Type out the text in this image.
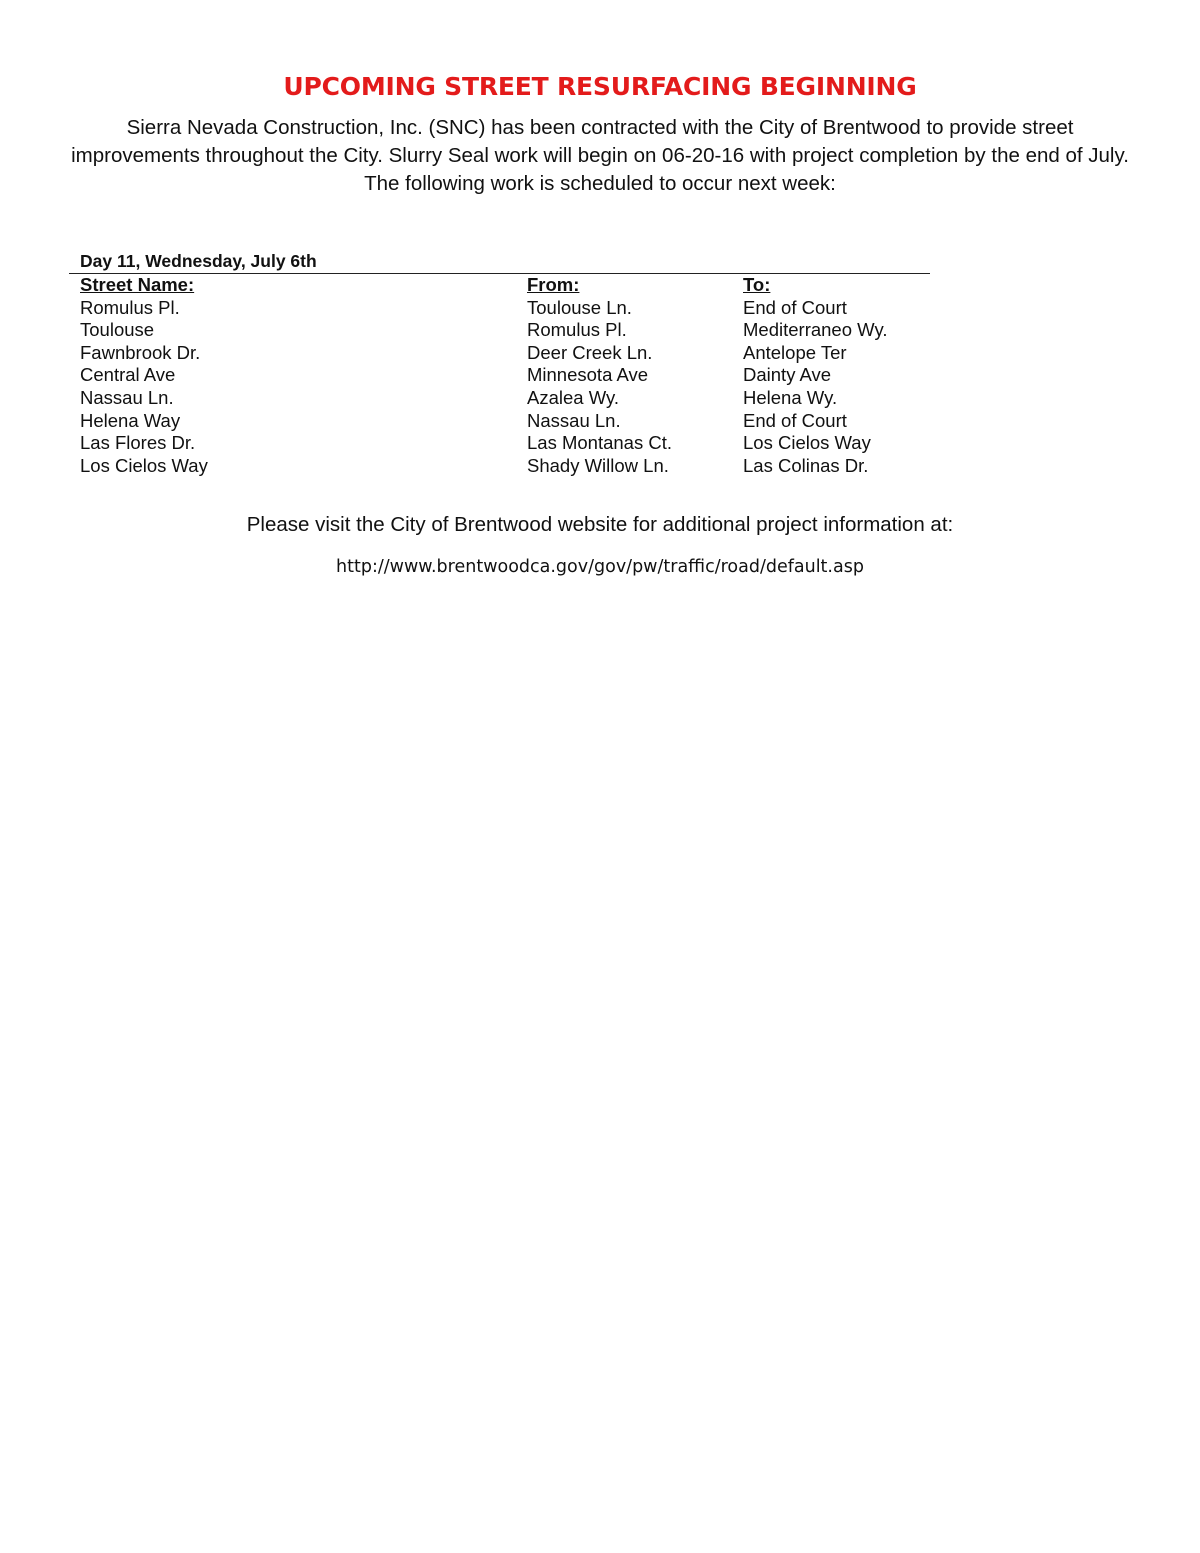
UPCOMING STREET RESURFACING BEGINNING

Sierra Nevada Construction, Inc. (SNC) has been contracted with the City of Brentwood to provide street improvements throughout the City. Slurry Seal work will begin on 06-20-16 with project completion by the end of July. The following work is scheduled to occur next week:

Day 11, Wednesday, July 6th
Street Name:	From:	To:
Romulus Pl.	Toulouse Ln.	End of Court
Toulouse	Romulus Pl.	Mediterraneo Wy.
Fawnbrook Dr.	Deer Creek Ln.	Antelope Ter
Central Ave	Minnesota Ave	Dainty Ave
Nassau Ln.	Azalea Wy.	Helena Wy.
Helena Way	Nassau Ln.	End of Court
Las Flores Dr.	Las Montanas Ct.	Los Cielos Way
Los Cielos Way	Shady Willow Ln.	Las Colinas Dr.

Please visit the City of Brentwood website for additional project information at:

http://www.brentwoodca.gov/gov/pw/traffic/road/default.asp
